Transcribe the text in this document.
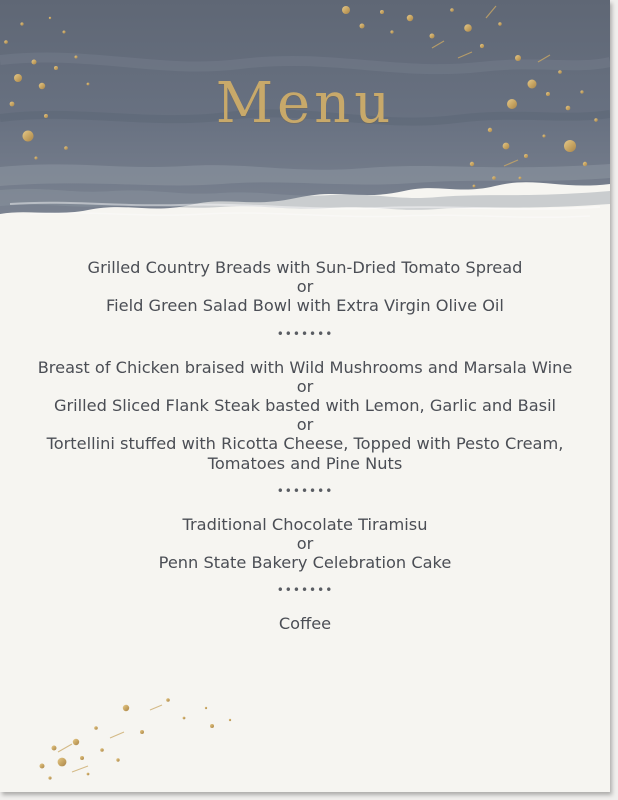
Menu
Grilled Country Breads with Sun-Dried Tomato Spread
or
Field Green Salad Bowl with Extra Virgin Olive Oil
•••••••
Breast of Chicken braised with Wild Mushrooms and Marsala Wine
or
Grilled Sliced Flank Steak basted with Lemon, Garlic and Basil
or
Tortellini stuffed with Ricotta Cheese, Topped with Pesto Cream,
Tomatoes and Pine Nuts
•••••••
Traditional Chocolate Tiramisu
or
Penn State Bakery Celebration Cake
•••••••
Coffee
